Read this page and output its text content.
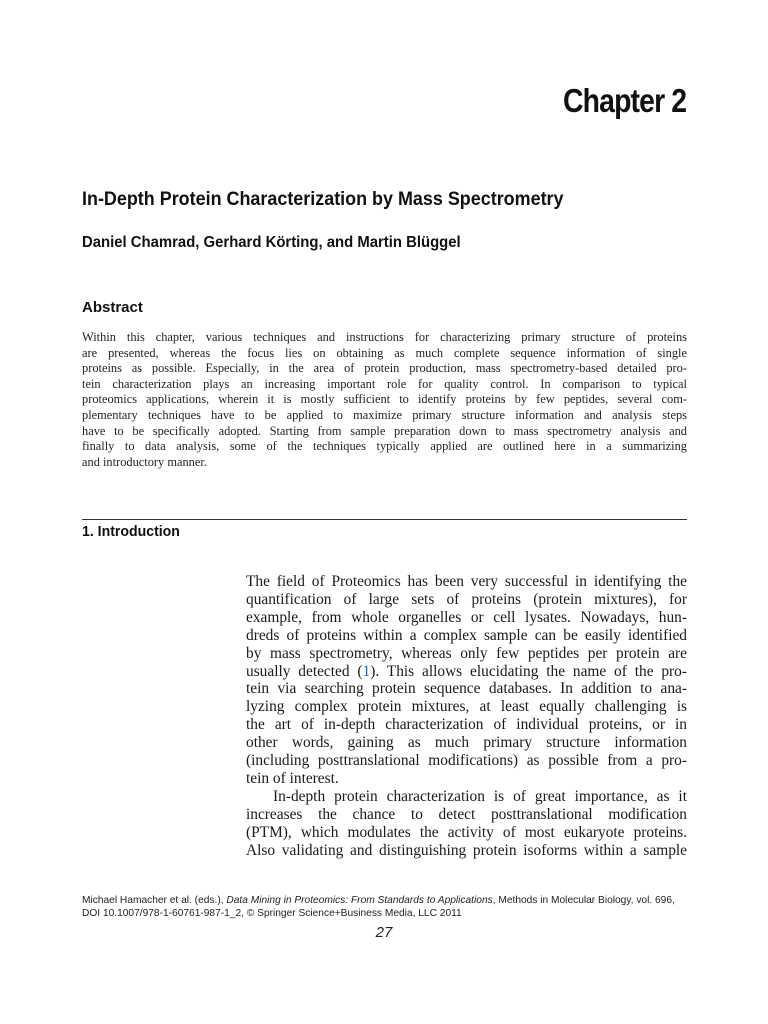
Chapter 2
In-Depth Protein Characterization by Mass Spectrometry
Daniel Chamrad, Gerhard Körting, and Martin Blüggel
Abstract
Within this chapter, various techniques and instructions for characterizing primary structure of proteins
are presented, whereas the focus lies on obtaining as much complete sequence information of single
proteins as possible. Especially, in the area of protein production, mass spectrometry-based detailed pro-
tein characterization plays an increasing important role for quality control. In comparison to typical
proteomics applications, wherein it is mostly sufficient to identify proteins by few peptides, several com-
plementary techniques have to be applied to maximize primary structure information and analysis steps
have to be specifically adopted. Starting from sample preparation down to mass spectrometry analysis and
finally to data analysis, some of the techniques typically applied are outlined here in a summarizing
and introductory manner.
1. Introduction
The field of Proteomics has been very successful in identifying the
quantification of large sets of proteins (protein mixtures), for
example, from whole organelles or cell lysates. Nowadays, hun-
dreds of proteins within a complex sample can be easily identified
by mass spectrometry, whereas only few peptides per protein are
usually detected (1). This allows elucidating the name of the pro-
tein via searching protein sequence databases. In addition to ana-
lyzing complex protein mixtures, at least equally challenging is
the art of in-depth characterization of individual proteins, or in
other words, gaining as much primary structure information
(including posttranslational modifications) as possible from a pro-
tein of interest.
In-depth protein characterization is of great importance, as it
increases the chance to detect posttranslational modification
(PTM), which modulates the activity of most eukaryote proteins.
Also validating and distinguishing protein isoforms within a sample
Michael Hamacher et al. (eds.), Data Mining in Proteomics: From Standards to Applications, Methods in Molecular Biology, vol. 696,
DOI 10.1007/978-1-60761-987-1_2, © Springer Science+Business Media, LLC 2011
27
